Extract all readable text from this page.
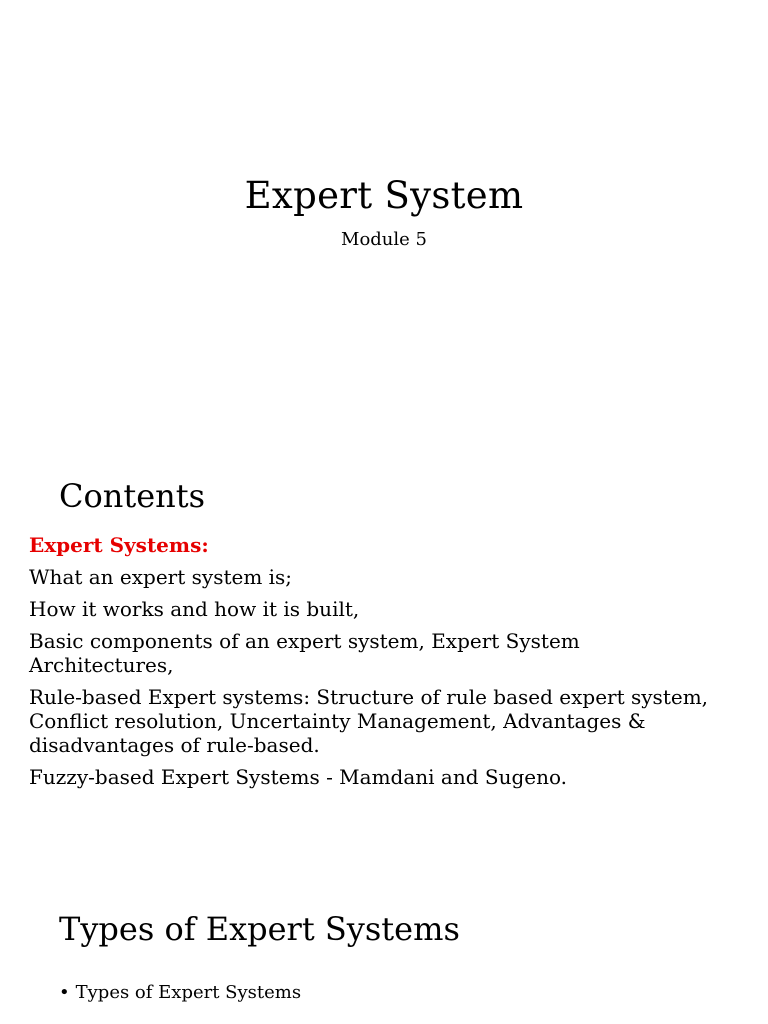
Expert System
Module 5
Contents
Expert Systems:
What an expert system is;
How it works and how it is built,
Basic components of an expert system, Expert System Architectures,
Rule-based Expert systems: Structure of rule based expert system, Conflict resolution, Uncertainty Management, Advantages & disadvantages of rule-based.
Fuzzy-based Expert Systems - Mamdani and Sugeno.
Types of Expert Systems
• Types of Expert Systems
